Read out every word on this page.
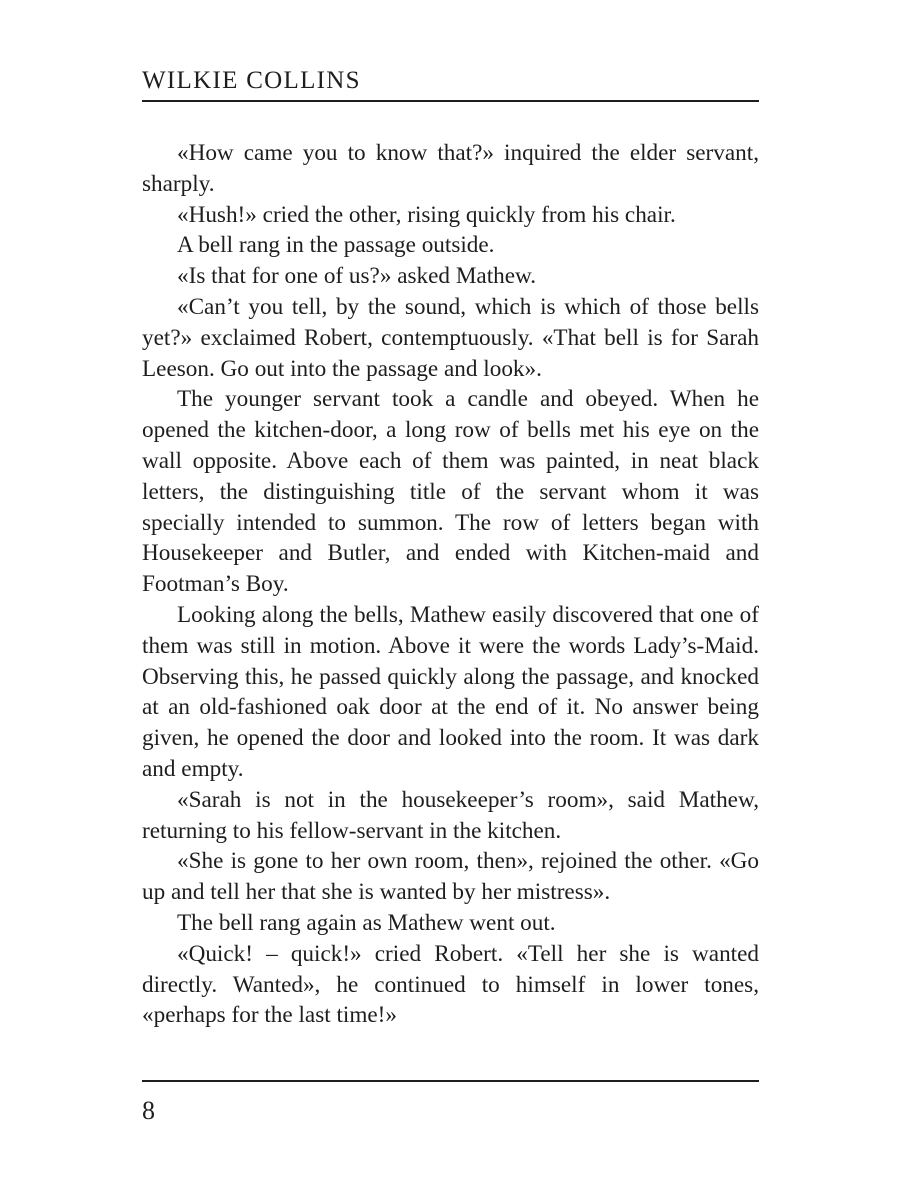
WILKIE COLLINS

«How came you to know that?» inquired the elder servant, sharply.

«Hush!» cried the other, rising quickly from his chair.

A bell rang in the passage outside.

«Is that for one of us?» asked Mathew.

«Can’t you tell, by the sound, which is which of those bells yet?» exclaimed Robert, contemptuously. «That bell is for Sarah Leeson. Go out into the passage and look».

The younger servant took a candle and obeyed. When he opened the kitchen-door, a long row of bells met his eye on the wall opposite. Above each of them was painted, in neat black letters, the distinguishing title of the servant whom it was specially intended to summon. The row of letters began with Housekeeper and Butler, and ended with Kitchen-maid and Footman’s Boy.

Looking along the bells, Mathew easily discovered that one of them was still in motion. Above it were the words Lady’s-Maid. Observing this, he passed quickly along the passage, and knocked at an old-fashioned oak door at the end of it. No answer being given, he opened the door and looked into the room. It was dark and empty.

«Sarah is not in the housekeeper’s room», said Mathew, returning to his fellow-servant in the kitchen.

«She is gone to her own room, then», rejoined the other. «Go up and tell her that she is wanted by her mistress».

The bell rang again as Mathew went out.

«Quick! – quick!» cried Robert. «Tell her she is wanted directly. Wanted», he continued to himself in lower tones, «perhaps for the last time!»

8
